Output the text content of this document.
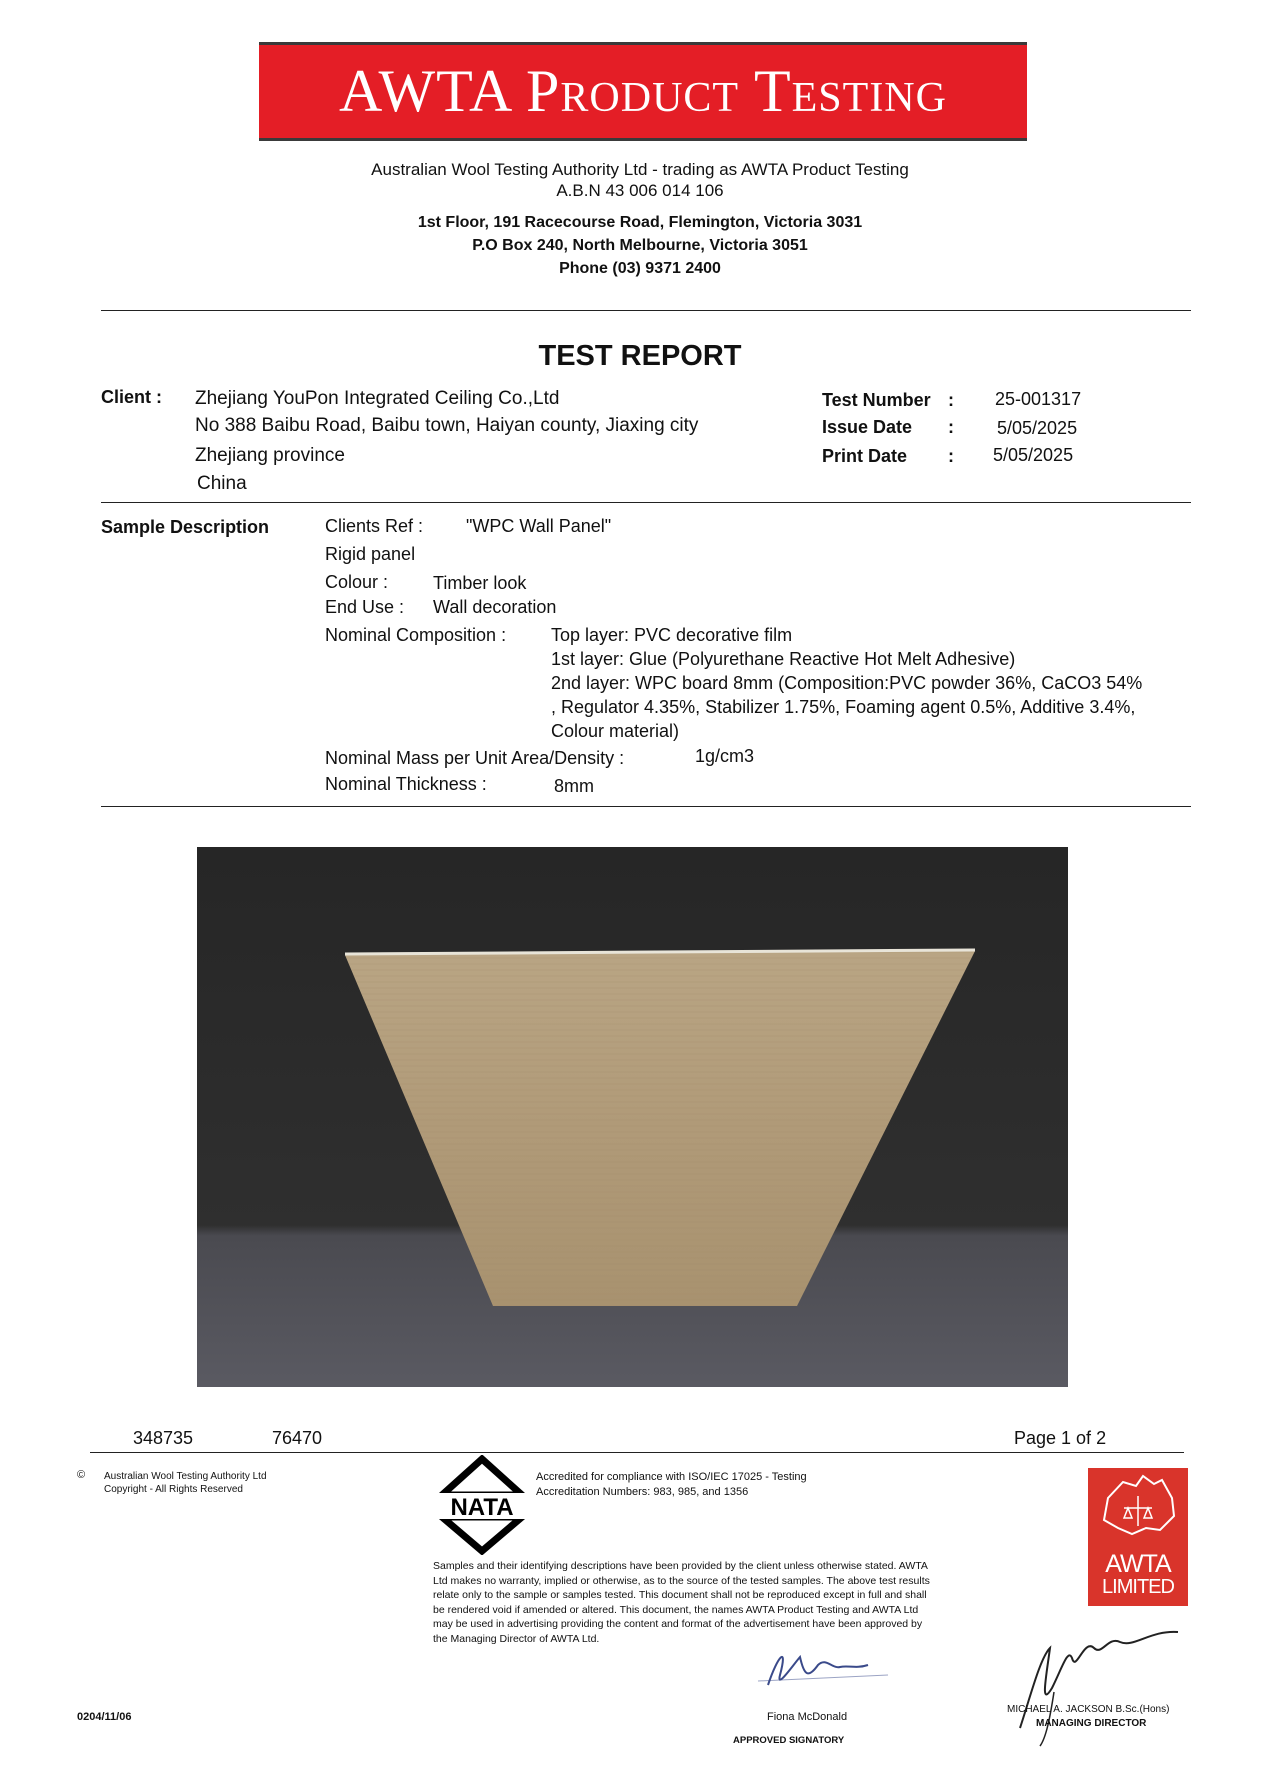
AWTA Product Testing
Australian Wool Testing Authority Ltd - trading as AWTA Product Testing
A.B.N 43 006 014 106
1st Floor, 191 Racecourse Road, Flemington, Victoria 3031
P.O Box 240, North Melbourne, Victoria 3051
Phone (03) 9371 2400
TEST REPORT
Client : Zhejiang YouPon Integrated Ceiling Co.,Ltd
No 388 Baibu Road, Baibu town, Haiyan county, Jiaxing city
Zhejiang province
China
Test Number : 25-001317
Issue Date : 5/05/2025
Print Date : 5/05/2025
Sample Description	Clients Ref : "WPC Wall Panel"
Rigid panel
Colour : Timber look
End Use : Wall decoration
Nominal Composition : Top layer: PVC decorative film
1st layer: Glue (Polyurethane Reactive Hot Melt Adhesive)
2nd layer: WPC board 8mm (Composition:PVC powder 36%, CaCO3 54%
, Regulator 4.35%, Stabilizer 1.75%, Foaming agent 0.5%, Additive 3.4%,
Colour material)
Nominal Mass per Unit Area/Density :	1g/cm3
Nominal Thickness :	8mm
348735	76470	Page 1 of 2
© Australian Wool Testing Authority Ltd
Copyright - All Rights Reserved
NATA
Accredited for compliance with ISO/IEC 17025 - Testing
Accreditation Numbers: 983, 985, and 1356
Samples and their identifying descriptions have been provided by the client unless otherwise stated. AWTA
Ltd makes no warranty, implied or otherwise, as to the source of the tested samples. The above test results
relate only to the sample or samples tested. This document shall not be reproduced except in full and shall
be rendered void if amended or altered. This document, the names AWTA Product Testing and AWTA Ltd
may be used in advertising providing the content and format of the advertisement have been approved by
the Managing Director of AWTA Ltd.
AWTA
LIMITED
0204/11/06	Fiona McDonald
APPROVED SIGNATORY
MICHAEL A. JACKSON B.Sc.(Hons)
MANAGING DIRECTOR
